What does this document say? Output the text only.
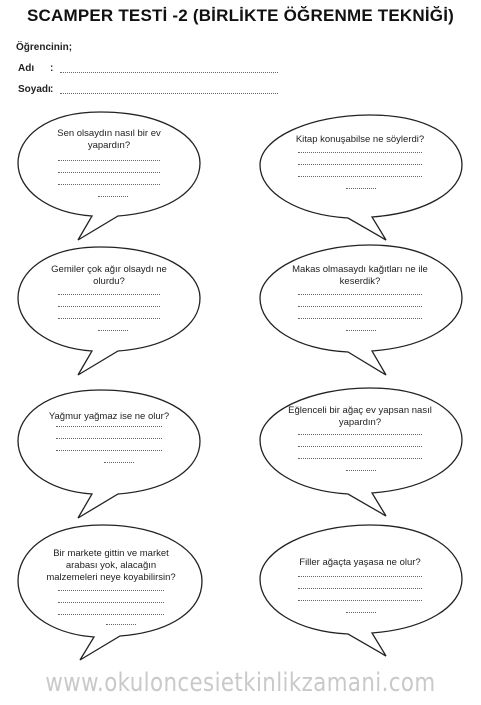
SCAMPER TESTİ -2 (BİRLİKTE ÖĞRENME TEKNİĞİ)
Öğrencinin;
Adı :
Soyadı :
Sen olsaydın nasıl bir ev yapardın?
Kitap konuşabilse ne söylerdi?
Gemiler çok ağır olsaydı ne olurdu?
Makas olmasaydı kağıtları ne ile keserdik?
Yağmur yağmaz ise ne olur?
Eğlenceli bir ağaç ev yapsan nasıl yapardın?
Bir markete gittin ve market arabası yok, alacağın malzemeleri neye koyabilirsin?
Filler ağaçta yaşasa ne olur?
www.okuloncesietkinlikzamani.com
